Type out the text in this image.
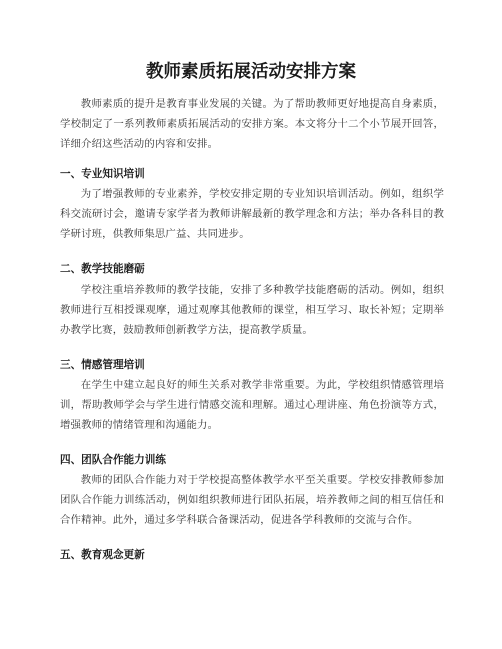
教师素质拓展活动安排方案

教师素质的提升是教育事业发展的关键。为了帮助教师更好地提高自身素质，学校制定了一系列教师素质拓展活动的安排方案。本文将分十二个小节展开回答，详细介绍这些活动的内容和安排。

一、专业知识培训

为了增强教师的专业素养，学校安排定期的专业知识培训活动。例如，组织学科交流研讨会，邀请专家学者为教师讲解最新的教学理念和方法；举办各科目的教学研讨班，供教师集思广益、共同进步。

二、教学技能磨砺

学校注重培养教师的教学技能，安排了多种教学技能磨砺的活动。例如，组织教师进行互相授课观摩，通过观摩其他教师的课堂，相互学习、取长补短；定期举办教学比赛，鼓励教师创新教学方法，提高教学质量。

三、情感管理培训

在学生中建立起良好的师生关系对教学非常重要。为此，学校组织情感管理培训，帮助教师学会与学生进行情感交流和理解。通过心理讲座、角色扮演等方式，增强教师的情绪管理和沟通能力。

四、团队合作能力训练

教师的团队合作能力对于学校提高整体教学水平至关重要。学校安排教师参加团队合作能力训练活动，例如组织教师进行团队拓展，培养教师之间的相互信任和合作精神。此外，通过多学科联合备课活动，促进各学科教师的交流与合作。

五、教育观念更新
